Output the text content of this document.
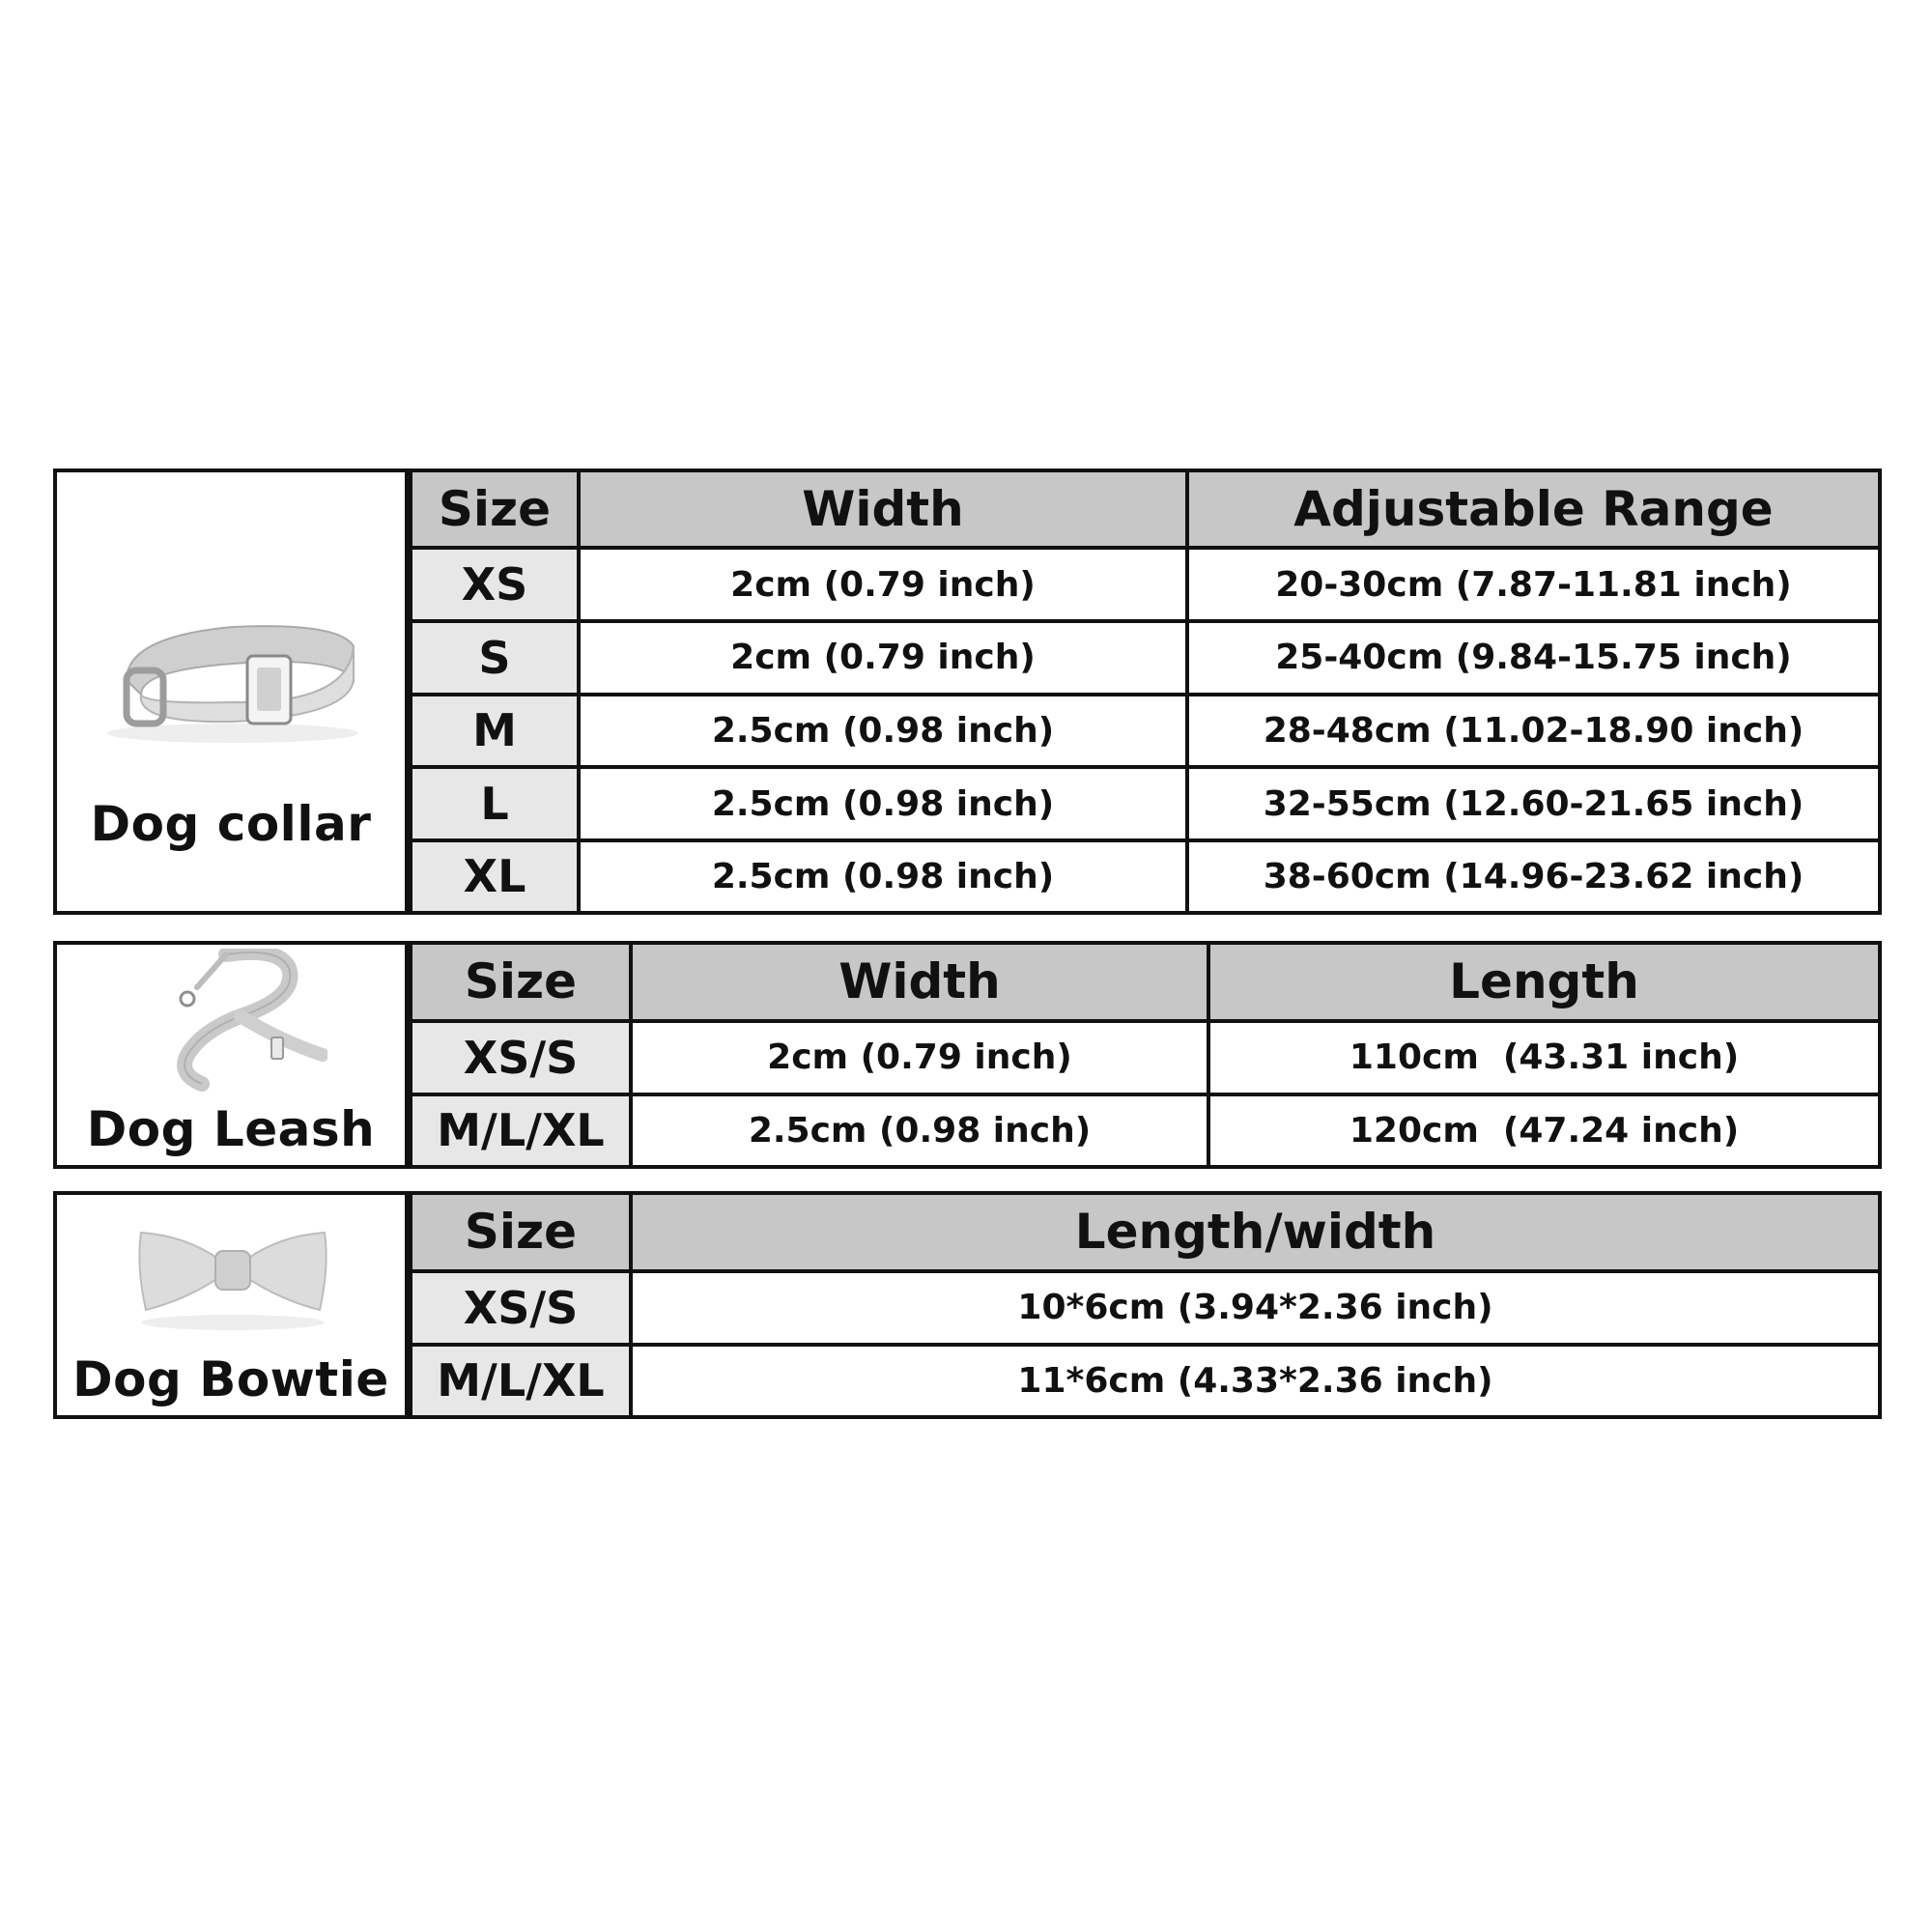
Dog collar
Size	Width	Adjustable Range
XS	2cm (0.79 inch)	20-30cm (7.87-11.81 inch)
S	2cm (0.79 inch)	25-40cm (9.84-15.75 inch)
M	2.5cm (0.98 inch)	28-48cm (11.02-18.90 inch)
L	2.5cm (0.98 inch)	32-55cm (12.60-21.65 inch)
XL	2.5cm (0.98 inch)	38-60cm (14.96-23.62 inch)
Dog Leash
Size	Width	Length
XS/S	2cm (0.79 inch)	110cm  (43.31 inch)
M/L/XL	2.5cm (0.98 inch)	120cm  (47.24 inch)
Dog Bowtie
Size	Length/width
XS/S	10*6cm (3.94*2.36 inch)
M/L/XL	11*6cm (4.33*2.36 inch)
